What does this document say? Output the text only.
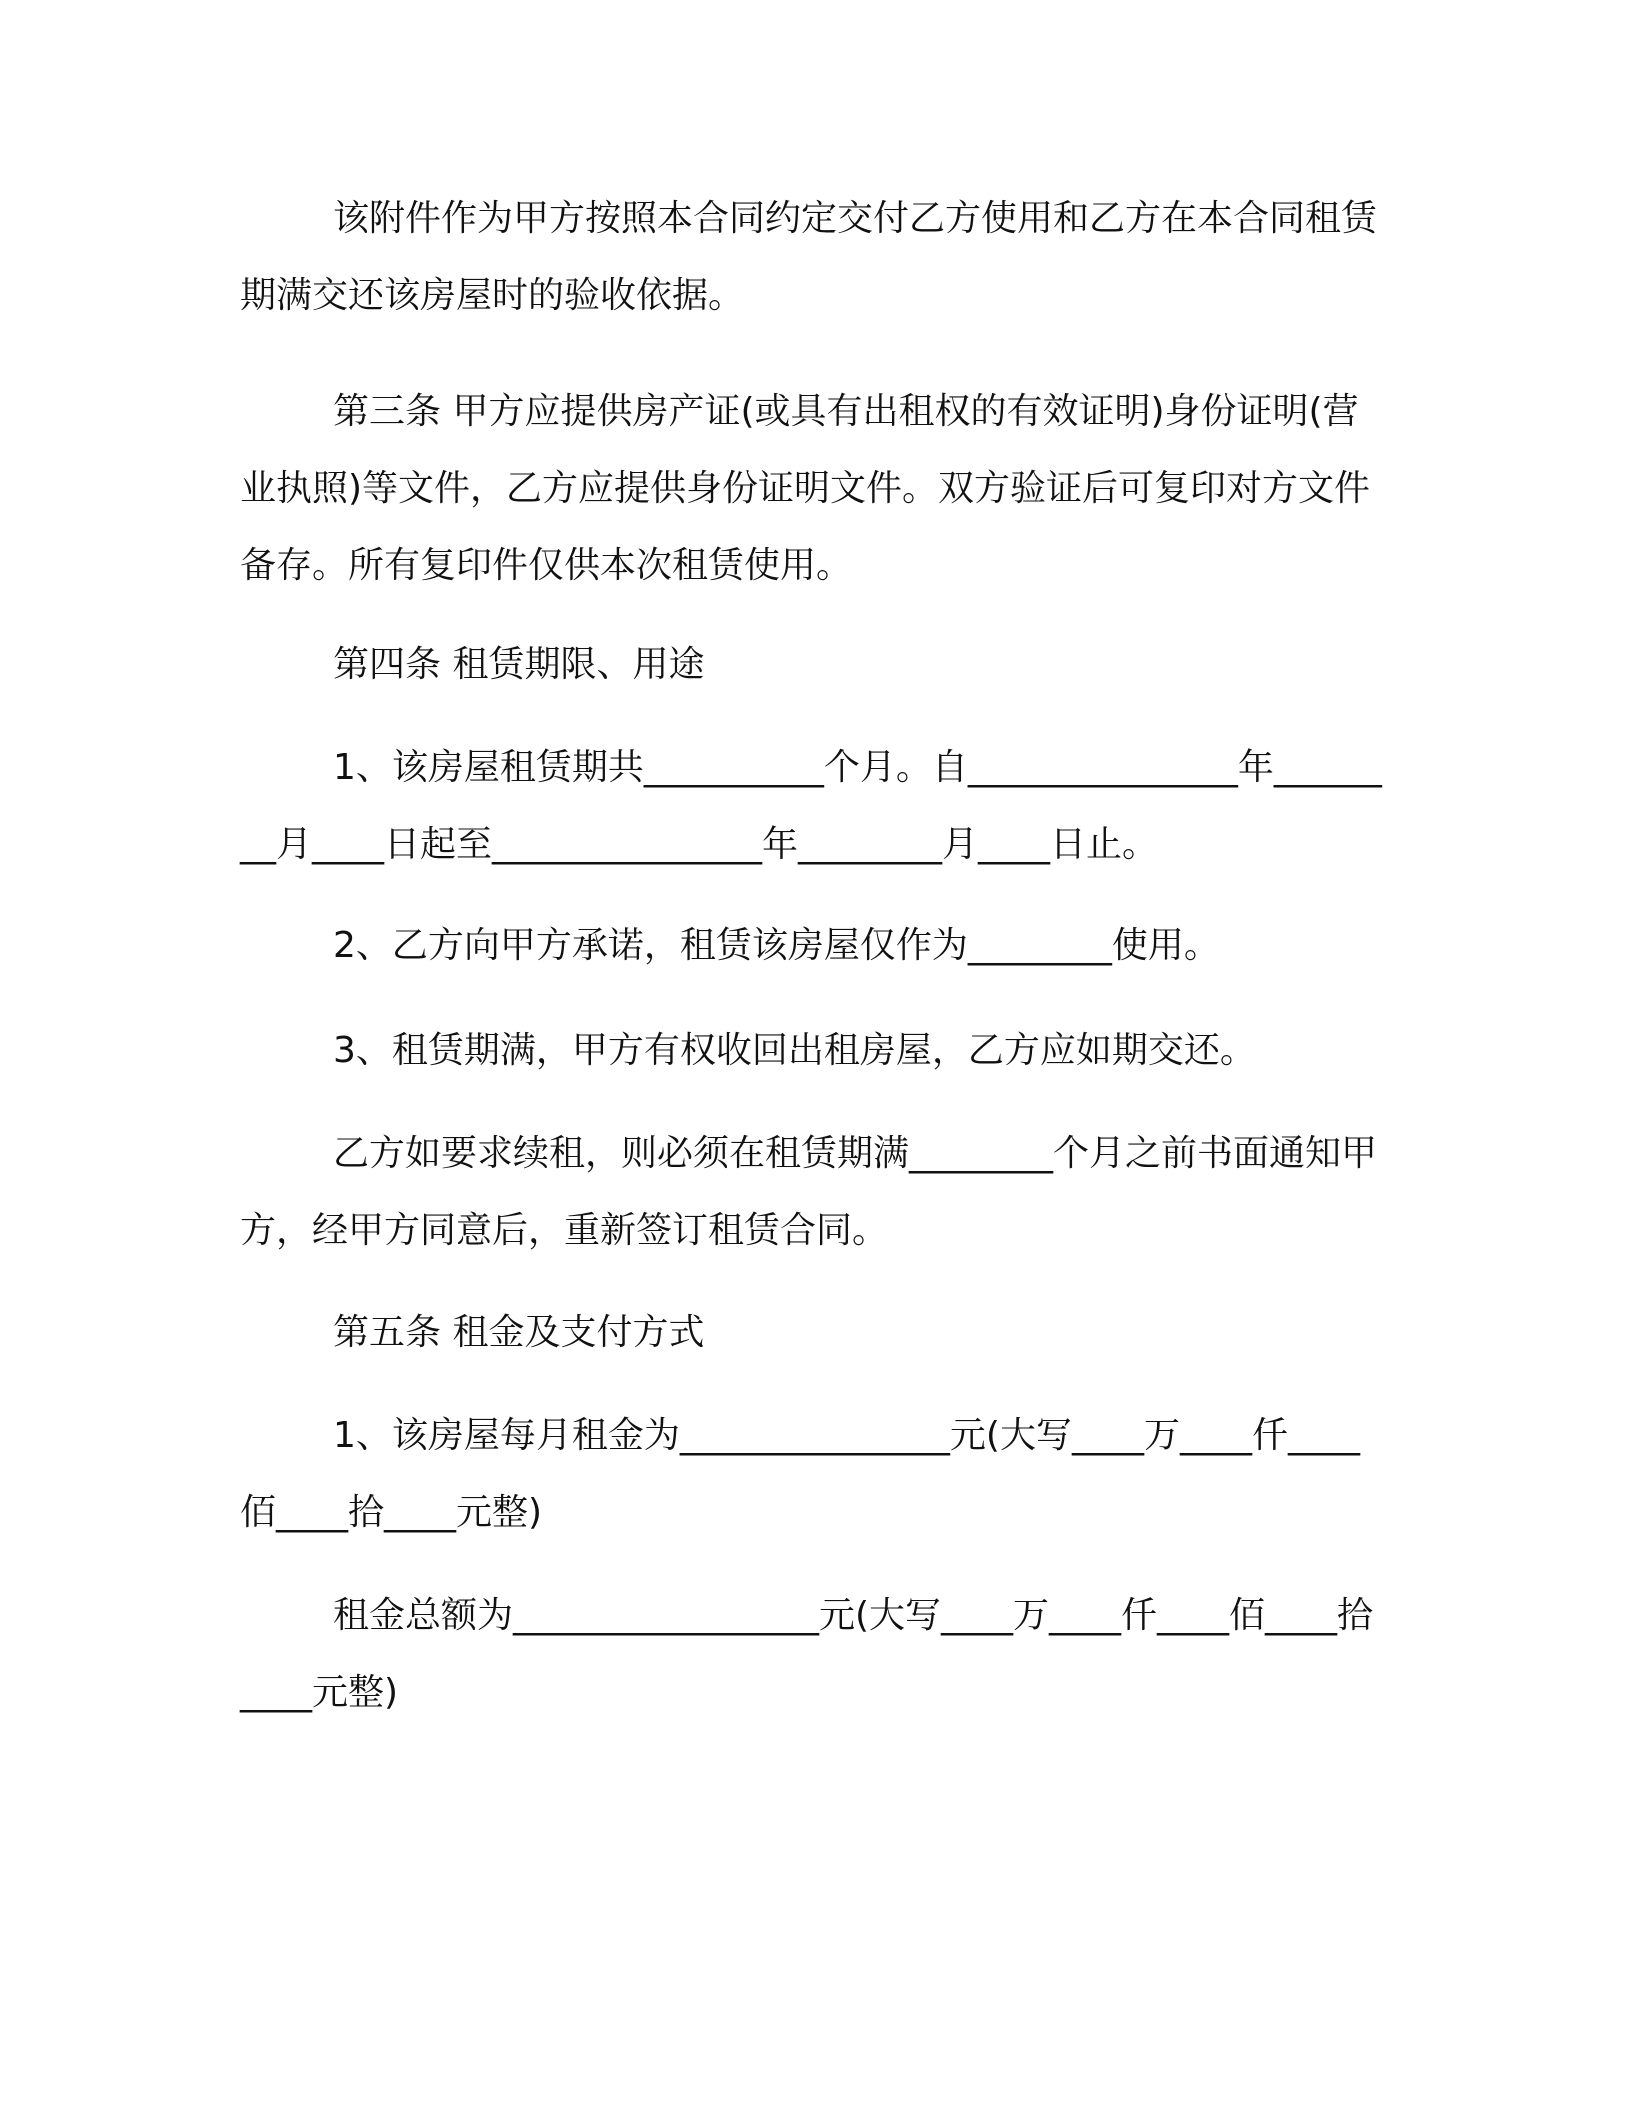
该附件作为甲方按照本合同约定交付乙方使用和乙方在本合同租赁期满交还该房屋时的验收依据。

第三条 甲方应提供房产证(或具有出租权的有效证明)身份证明(营业执照)等文件，乙方应提供身份证明文件。双方验证后可复印对方文件备存。所有复印件仅供本次租赁使用。

第四条 租赁期限、用途

1、该房屋租赁期共__________个月。自_______________年________月____日起至_______________年________月____日止。

2、乙方向甲方承诺，租赁该房屋仅作为________使用。

3、租赁期满，甲方有权收回出租房屋，乙方应如期交还。

乙方如要求续租，则必须在租赁期满________个月之前书面通知甲方，经甲方同意后，重新签订租赁合同。

第五条 租金及支付方式

1、该房屋每月租金为_______________元(大写____万____仟____佰____拾____元整)

租金总额为_________________元(大写____万____仟____佰____拾____元整)
